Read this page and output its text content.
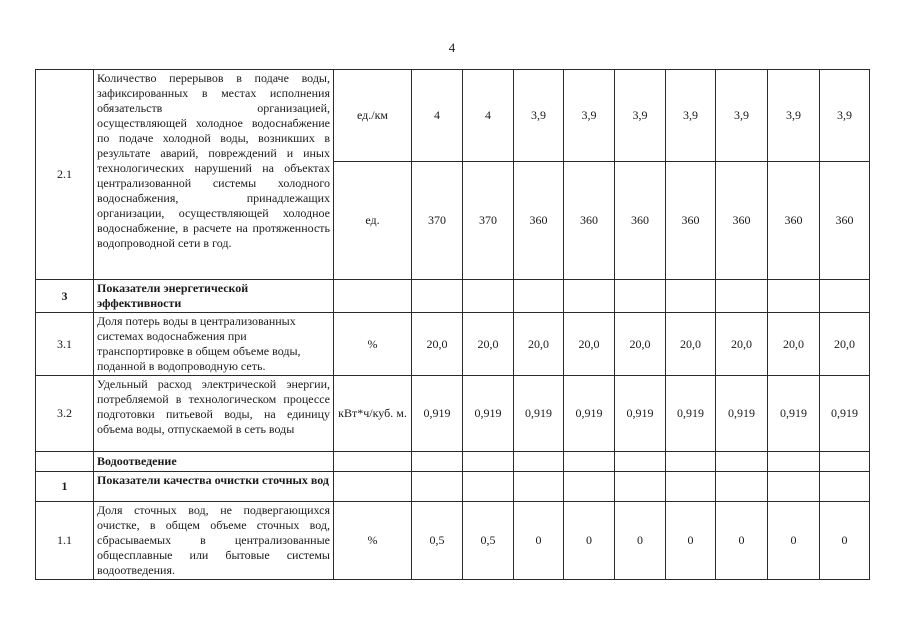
4
2.1	Количество перерывов в подаче воды, зафиксированных в местах исполнения обязательств организацией, осуществляющей холодное водоснабжение по подаче холодной воды, возникших в результате аварий, повреждений и иных технологических нарушений на объектах централизованной системы холодного водоснабжения, принадлежащих организации, осуществляющей холодное водоснабжение, в расчете на протяженность водопроводной сети в год.	ед./км	4	4	3,9	3,9	3,9	3,9	3,9	3,9	3,9
		ед.	370	370	360	360	360	360	360	360	360
3	Показатели энергетической эффективности										
3.1	Доля потерь воды в централизованных системах водоснабжения при транспортировке в общем объеме воды, поданной в водопроводную сеть.	%	20,0	20,0	20,0	20,0	20,0	20,0	20,0	20,0	20,0
3.2	Удельный расход электрической энергии, потребляемой в технологическом процессе подготовки питьевой воды, на единицу объема воды, отпускаемой в сеть воды	кВт*ч/куб. м.	0,919	0,919	0,919	0,919	0,919	0,919	0,919	0,919	0,919
	Водоотведение										
1	Показатели качества очистки сточных вод										
1.1	Доля сточных вод, не подвергающихся очистке, в общем объеме сточных вод, сбрасываемых в централизованные общесплавные или бытовые системы водоотведения.	%	0,5	0,5	0	0	0	0	0	0	0
